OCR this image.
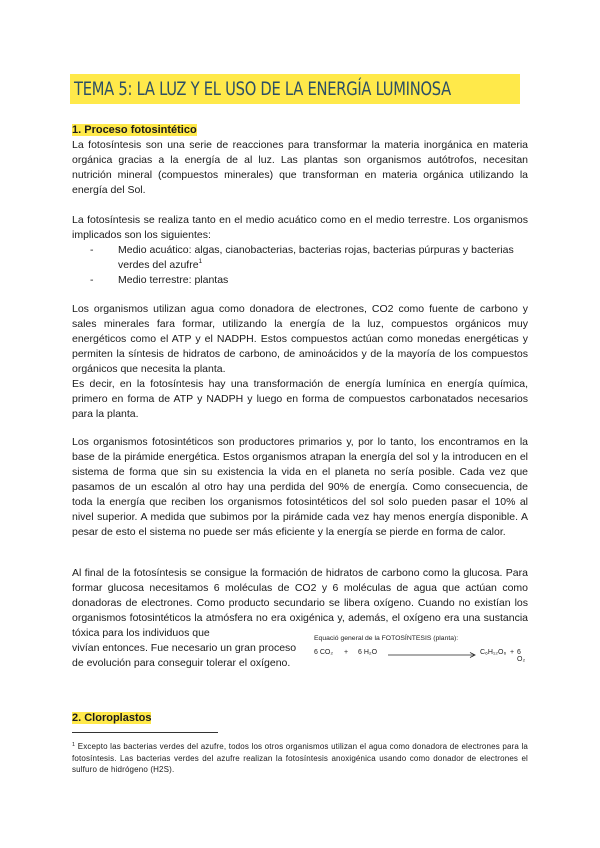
TEMA 5: LA LUZ Y EL USO DE LA ENERGÍA LUMINOSA
1. Proceso fotosintético

La fotosíntesis son una serie de reacciones para transformar la materia inorgánica en materia orgánica gracias a la energía de al luz. Las plantas son organismos autótrofos, necesitan nutrición mineral (compuestos minerales) que transforman en materia orgánica utilizando la energía del Sol.

La fotosíntesis se realiza tanto en el medio acuático como en el medio terrestre. Los organismos implicados son los siguientes:

- Medio acuático: algas, cianobacterias, bacterias rojas, bacterias púrpuras y bacterias verdes del azufre$^1$
- Medio terrestre: plantas

Los organismos utilizan agua como donadora de electrones, CO2 como fuente de carbono y sales minerales fara formar, utilizando la energía de la luz, compuestos orgánicos muy energéticos como el ATP y el NADPH. Estos compuestos actúan como monedas energéticas y permiten la síntesis de hidratos de carbono, de aminoácidos y de la mayoría de los compuestos orgánicos que necesita la planta.

Es decir, en la fotosíntesis hay una transformación de energía lumínica en energía química, primero en forma de ATP y NADPH y luego en forma de compuestos carbonatados necesarios para la planta.

Los organismos fotosintéticos son productores primarios y, por lo tanto, los encontramos en la base de la pirámide energética. Estos organismos atrapan la energía del sol y la introducen en el sistema de forma que sin su existencia la vida en el planeta no sería posible. Cada vez que pasamos de un escalón al otro hay una perdida del 90% de energía. Como consecuencia, de toda la energía que reciben los organismos fotosintéticos del sol solo pueden pasar el 10% al nivel superior. A medida que subimos por la pirámide cada vez hay menos energía disponible. A pesar de esto el sistema no puede ser más eficiente y la energía se pierde en forma de calor.

Al final de la fotosíntesis se consigue la formación de hidratos de carbono como la glucosa. Para formar glucosa necesitamos 6 moléculas de CO2 y 6 moléculas de agua que actúan como donadoras de electrones. Como producto secundario se libera oxígeno. Cuando no existían los organismos fotosintéticos la atmósfera no era oxigénica y, además, el oxígeno era una sustancia tóxica para los individuos que

vivían entonces. Fue necesario un gran proceso
de evolución para conseguir tolerar el oxígeno.
Equació general de la FOTOSÍNTESIS (planta):
6 CO₂ + 6 H₂O	C₆H₁₂O₆ + 6 O₂
2. Cloroplastos
$^1$ Excepto las bacterias verdes del azufre, todos los otros organismos utilizan el agua como donadora de electrones para la fotosíntesis. Las bacterias verdes del azufre realizan la fotosíntesis anoxigénica usando como donador de electrones el sulfuro de hidrógeno (H2S).
